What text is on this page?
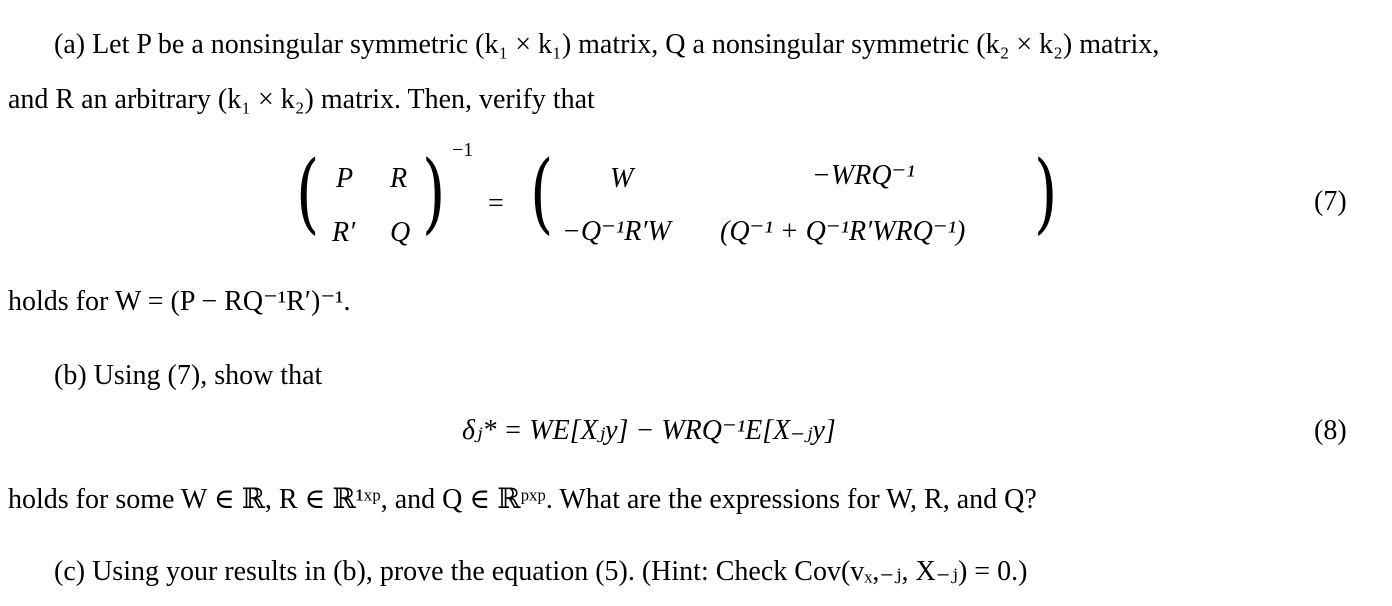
(a) Let P be a nonsingular symmetric (k₁ × k₁) matrix, Q a nonsingular symmetric (k₂ × k₂) matrix,
and R an arbitrary (k₁ × k₂) matrix. Then, verify that
( P R
R′ Q ) −1
= ( W	−WRQ⁻¹
−Q⁻¹R′W (Q⁻¹ + Q⁻¹R′WRQ⁻¹) )	(7)
holds for W = (P − RQ⁻¹R′)⁻¹.
(b) Using (7), show that
δⱼ* = WE[Xⱼy] − WRQ⁻¹E[X₋ⱼy]	(8)
holds for some W ∈ ℝ, R ∈ ℝ¹ˣᵖ, and Q ∈ ℝᵖˣᵖ. What are the expressions for W, R, and Q?
(c) Using your results in (b), prove the equation (5). (Hint: Check Cov(vₓ,₋ⱼ, X₋ⱼ) = 0.)
